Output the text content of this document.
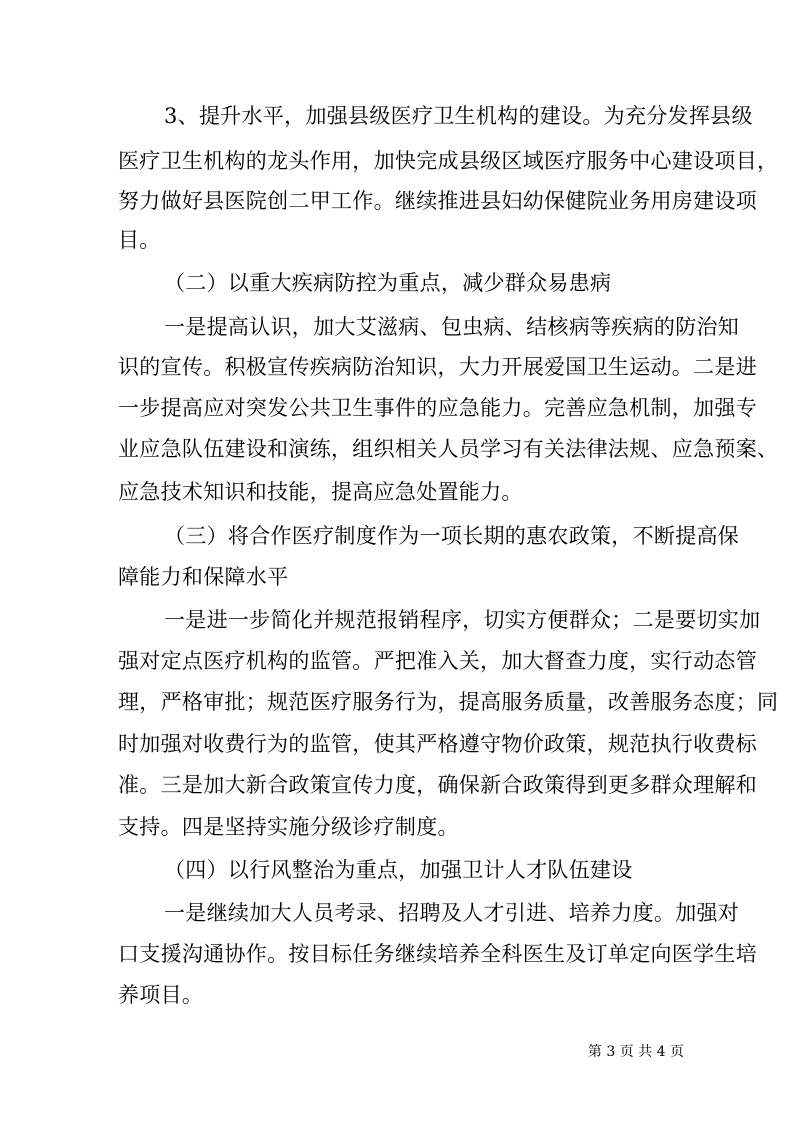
3、提升水平，加强县级医疗卫生机构的建设。为充分发挥县级
医疗卫生机构的龙头作用，加快完成县级区域医疗服务中心建设项目，
努力做好县医院创二甲工作。继续推进县妇幼保健院业务用房建设项
目。
（二）以重大疾病防控为重点，减少群众易患病
一是提高认识，加大艾滋病、包虫病、结核病等疾病的防治知
识的宣传。积极宣传疾病防治知识，大力开展爱国卫生运动。二是进
一步提高应对突发公共卫生事件的应急能力。完善应急机制，加强专
业应急队伍建设和演练，组织相关人员学习有关法律法规、应急预案、
应急技术知识和技能，提高应急处置能力。
（三）将合作医疗制度作为一项长期的惠农政策，不断提高保
障能力和保障水平
一是进一步简化并规范报销程序，切实方便群众；二是要切实加
强对定点医疗机构的监管。严把准入关，加大督查力度，实行动态管
理，严格审批；规范医疗服务行为，提高服务质量，改善服务态度；同
时加强对收费行为的监管，使其严格遵守物价政策，规范执行收费标
准。三是加大新合政策宣传力度，确保新合政策得到更多群众理解和
支持。四是坚持实施分级诊疗制度。
（四）以行风整治为重点，加强卫计人才队伍建设
一是继续加大人员考录、招聘及人才引进、培养力度。加强对
口支援沟通协作。按目标任务继续培养全科医生及订单定向医学生培
养项目。
第 3 页 共 4 页
